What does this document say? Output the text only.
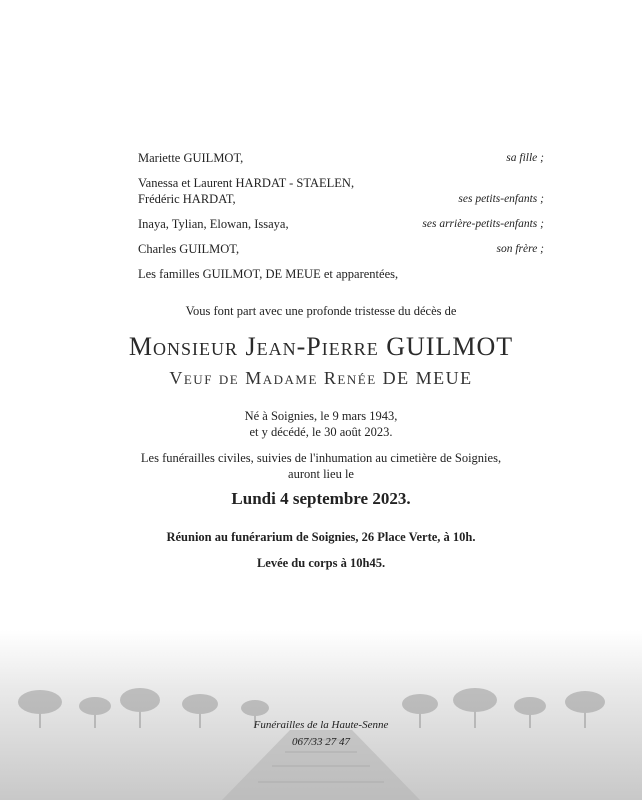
Mariette GUILMOT,	sa fille ;
Vanessa et Laurent HARDAT - STAELEN,
Frédéric HARDAT,	ses petits-enfants ;
Inaya, Tylian, Elowan, Issaya,	ses arrière-petits-enfants ;
Charles GUILMOT,	son frère ;
Les familles GUILMOT, DE MEUE et apparentées,
Vous font part avec une profonde tristesse du décès de
Monsieur Jean-Pierre GUILMOT
Veuf de Madame Renée DE MEUE
Né à Soignies, le 9 mars 1943,
et y décédé, le 30 août 2023.
Les funérailles civiles, suivies de l'inhumation au cimetière de Soignies,
auront lieu le
Lundi 4 septembre 2023.
Réunion au funérarium de Soignies, 26 Place Verte, à 10h.
Levée du corps à 10h45.
Funérailles de la Haute-Senne
067/33 27 47
